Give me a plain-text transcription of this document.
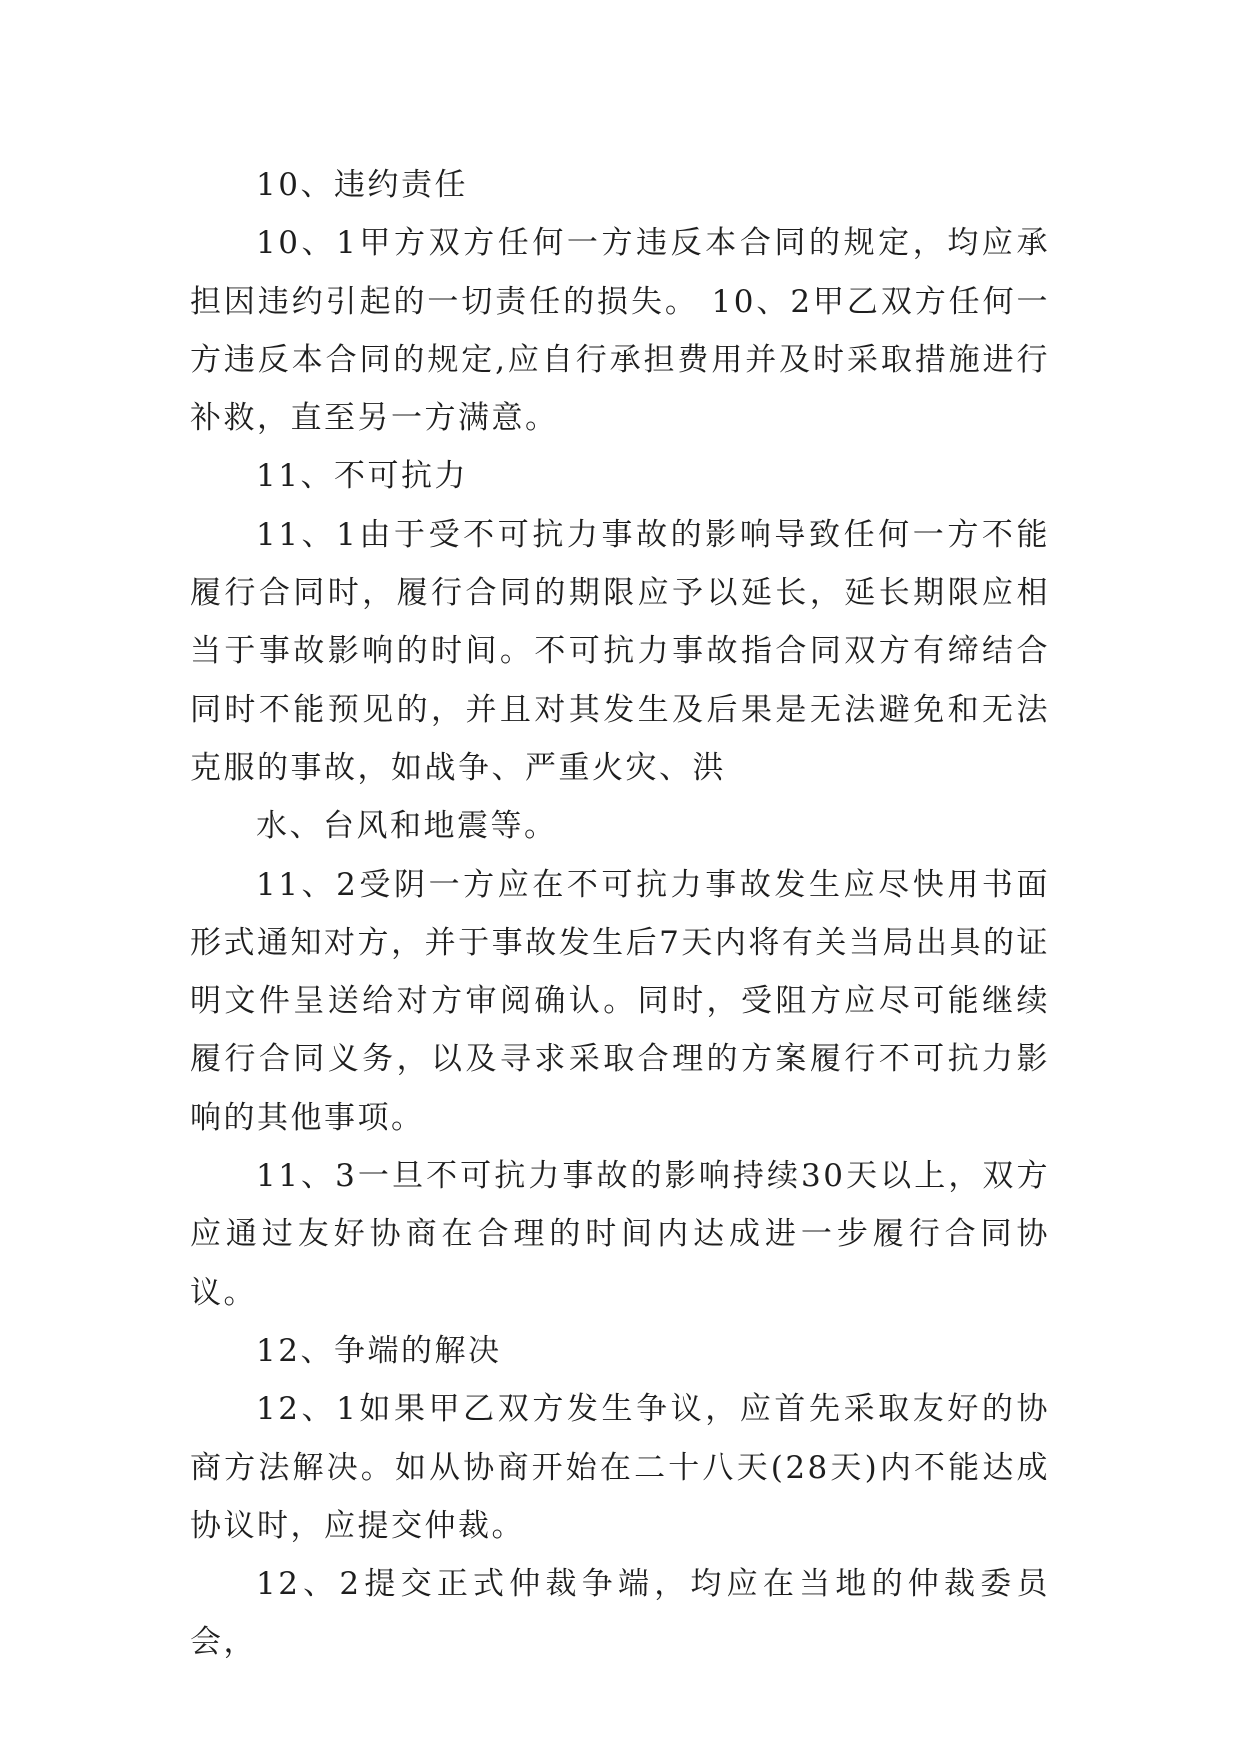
10、违约责任

10、1甲方双方任何一方违反本合同的规定，均应承担因违约引起的一切责任的损失。 10、2甲乙双方任何一方违反本合同的规定,应自行承担费用并及时采取措施进行补救，直至另一方满意。

11、不可抗力

11、1由于受不可抗力事故的影响导致任何一方不能履行合同时，履行合同的期限应予以延长，延长期限应相当于事故影响的时间。不可抗力事故指合同双方有缔结合同时不能预见的，并且对其发生及后果是无法避免和无法克服的事故，如战争、严重火灾、洪

水、台风和地震等。

11、2受阴一方应在不可抗力事故发生应尽快用书面形式通知对方，并于事故发生后7天内将有关当局出具的证明文件呈送给对方审阅确认。同时，受阻方应尽可能继续履行合同义务，以及寻求采取合理的方案履行不可抗力影响的其他事项。

11、3一旦不可抗力事故的影响持续30天以上，双方应通过友好协商在合理的时间内达成进一步履行合同协议。

12、争端的解决

12、1如果甲乙双方发生争议，应首先采取友好的协商方法解决。如从协商开始在二十八天(28天)内不能达成协议时，应提交仲裁。

12、2提交正式仲裁争端，均应在当地的仲裁委员会，
